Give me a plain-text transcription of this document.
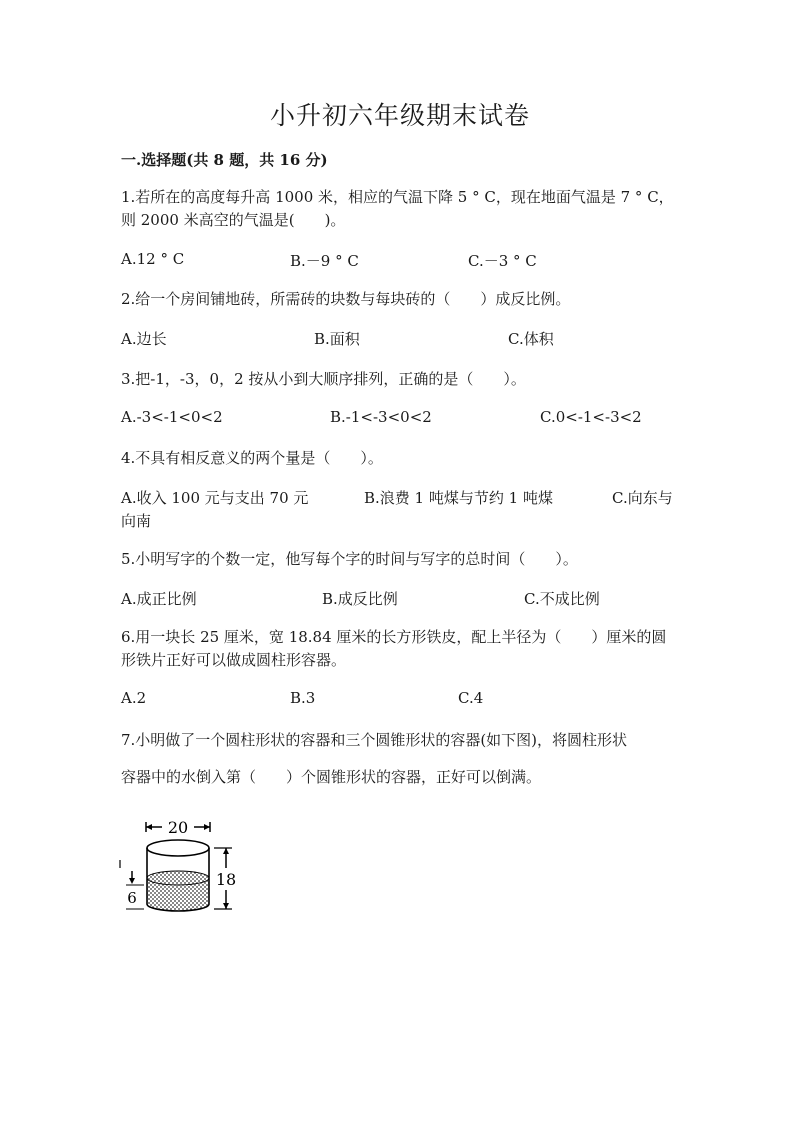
小升初六年级期末试卷
一.选择题(共 8 题，共 16 分)
1.若所在的高度每升高 1000 米，相应的气温下降 5 ° C，现在地面气温是 7 ° C，则 2000 米高空的气温是(　　)。
A.12 ° C	B.－9 ° C	C.－3 ° C
2.给一个房间铺地砖，所需砖的块数与每块砖的（　　）成反比例。
A.边长	B.面积	C.体积
3.把-1，-3，0，2 按从小到大顺序排列，正确的是（　　）。
A.-3<-1<0<2	B.-1<-3<0<2	C.0<-1<-3<2
4.不具有相反意义的两个量是（　　）。
A.收入 100 元与支出 70 元	B.浪费 1 吨煤与节约 1 吨煤	C.向东与
向南
5.小明写字的个数一定，他写每个字的时间与写字的总时间（　　）。
A.成正比例	B.成反比例	C.不成比例
6.用一块长 25 厘米，宽 18.84 厘米的长方形铁皮，配上半径为（　　）厘米的圆形铁片正好可以做成圆柱形容器。
A.2	B.3	C.4
7.小明做了一个圆柱形状的容器和三个圆锥形状的容器(如下图)，将圆柱形状
容器中的水倒入第（　　）个圆锥形状的容器，正好可以倒满。
20
18
6
